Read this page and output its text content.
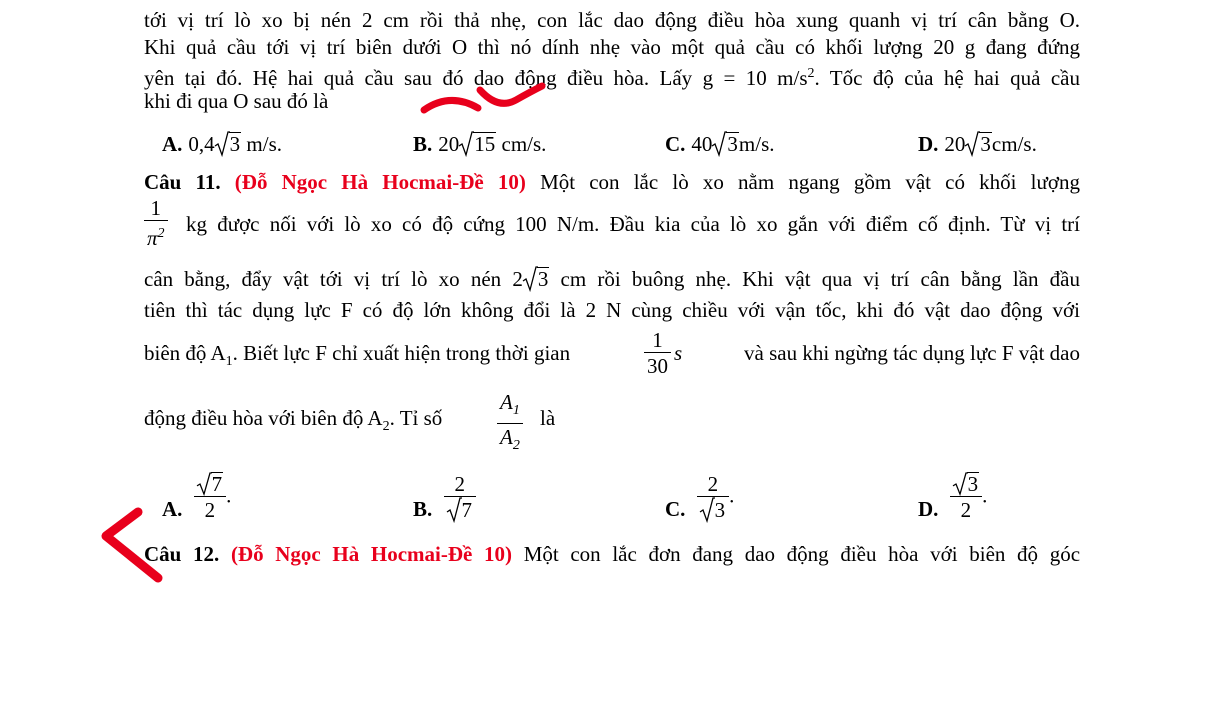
tới vị trí lò xo bị nén 2 cm rồi thả nhẹ, con lắc dao động điều hòa xung quanh vị trí cân bằng O.
Khi quả cầu tới vị trí biên dưới O thì nó dính nhẹ vào một quả cầu có khối lượng 20 g đang đứng
yên tại đó. Hệ hai quả cầu sau đó dao động điều hòa. Lấy g = 10 $m/s^2$. Tốc độ của hệ hai quả cầu
khi đi qua O sau đó là
A. 0,4 3 m/s.	B. 20 15 cm/s.	C. 40 3m/s.	D. 20 3cm/s.
Câu 11. (Đỗ Ngọc Hà Hocmai-Đề 10) Một con lắc lò xo nằm ngang gồm vật có khối lượng
$\frac{1}{\pi^2}$ kg được nối với lò xo có độ cứng 100 N/m. Đầu kia của lò xo gắn với điểm cố định. Từ vị trí
cân bằng, đẩy vật tới vị trí lò xo nén 2 3 cm rồi buông nhẹ. Khi vật qua vị trí cân bằng lần đầu
tiên thì tác dụng lực F có độ lớn không đổi là 2 N cùng chiều với vận tốc, khi đó vật dao động với
biên độ $A_1$. Biết lực F chỉ xuất hiện trong thời gian	$\frac{1}{30}$ s	và sau khi ngừng tác dụng lực F vật dao
động điều hòa với biên độ $A_2$. Tỉ số	$\frac{A_1}{A_2}$ là
A. $\frac{7}{2}$ .
B. $\frac{2}{7}$	C. $\frac{2}{3}$ .
D. $\frac{3}{2}$ .
Câu 12. (Đỗ Ngọc Hà Hocmai-Đề 10) Một con lắc đơn đang dao động điều hòa với biên độ góc
